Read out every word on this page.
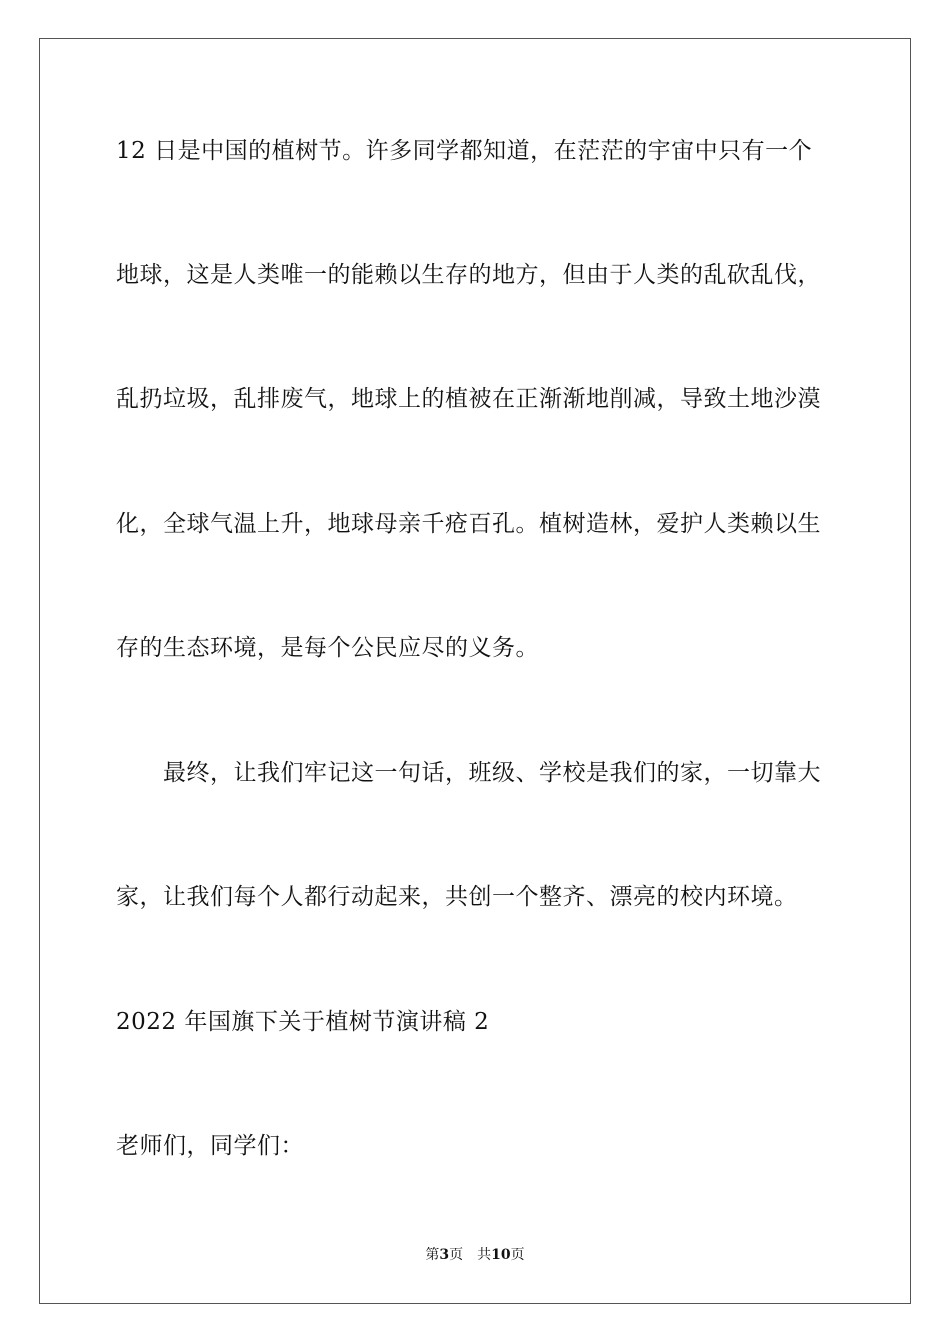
12 日是中国的植树节。许多同学都知道，在茫茫的宇宙中只有一个
地球，这是人类唯一的能赖以生存的地方，但由于人类的乱砍乱伐，
乱扔垃圾，乱排废气，地球上的植被在正渐渐地削减，导致土地沙漠
化，全球气温上升，地球母亲千疮百孔。植树造林，爱护人类赖以生
存的生态环境，是每个公民应尽的义务。
　　最终，让我们牢记这一句话，班级、学校是我们的家，一切靠大
家，让我们每个人都行动起来，共创一个整齐、漂亮的校内环境。
2022 年国旗下关于植树节演讲稿 2
老师们，同学们：
第3页　共10页
